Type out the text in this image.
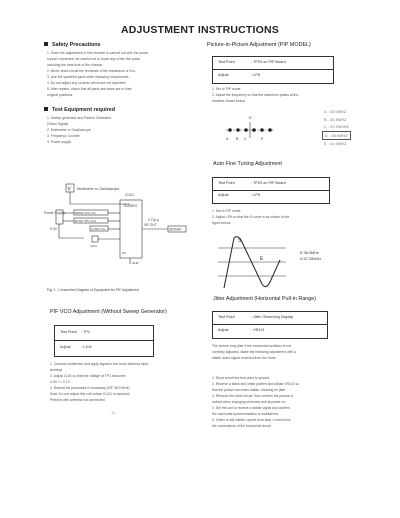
ADJUSTMENT INSTRUCTIONS
Safety Precautions
1. Since the adjustment of this receiver is carried out with the power
source connected, be careful not to touch any of the live parts,
including the heat sink of the chassis.
2. Never short-circuit the terminals of the transistors or ICs.
3. Use the specified parts when replacing components.
4. Do not adjust any controls which are not specified.
5. After repairs, check that all parts and wires are in their
original positions.
Test Equipment required
1. Sweep generator and Pattern Generator
(Video Signal)
2. Multimeter or Oscilloscope
3. Frequency Counter
4. Power supply
V Multimeter or Oscilloscope
Power Supply
5.0V
IC101
TDA9870
R8030 (9V) Vcc
R7027 (8V Vcc)
C7034 Vcc
L104
VIF OUT
2.7Vp-p
38.9MHz
GND
Pin
Fig. 1 : Connection Diagram of Equipment for PIF Adjustment
PIF VCO Adjustment (Without Sweep Generator)
Test Point : TP1
Adjust	: L104
1. Connect multimeter and apply signal to the tuner antenna input
terminal.
2. Adjust L104 so that the voltage at TP1 becomes
4.0V +/- 0.1V.
3. Repeat the procedure if necessary (VIF 38.9 MHz).
Note: Do not adjust this coil unless IC101 is replaced.
Perform with antenna not connected.
- 1 -
Picture-in-Picture Adjustment (PIP MODEL)
Test Point	: TP20 on PIP Board
Adjust	: LP8
1. Set to PIP mode.
2. Adjust the frequency so that the waveform peaks at the
markers shown below.
A B C
D
E
A : 33.0MHZ
B : 34.5MHZ
C : 37.25MHZ
D : 38.9MHZ
E : 41.0MHZ
Auto Fine Tuning Adjustment
Test Point	: TP20 on PIP Board
Adjust	: LP5
1. Set to PIP mode.
2. Adjust LP5 so that the S-curve is as shown in the
figure below.
S
E
E:38.9MHz
D:37.25MHz
Jitter Adjustment (Horizontal Pull-in Range)
Test Point	: Jitter Observing Display
Adjust	: VR101
The picture may jitter if the horizontal oscillator is not
correctly adjusted. Make the following adjustment with a
stable video signal received from the tuner.
1. Short circuit the test point to ground.
2. Receive a black and white pattern and adjust VR101 so
that the picture becomes stable, showing no jitter.
3. Remove the short circuit, then confirm the picture is
locked when changing channels and at power on.
4. Set the unit to receive a stable signal and confirm
the horizontal synchronization is maintained.
5. If jitter is still visible, repeat from step 1 and check
the connections of the horizontal circuit.
